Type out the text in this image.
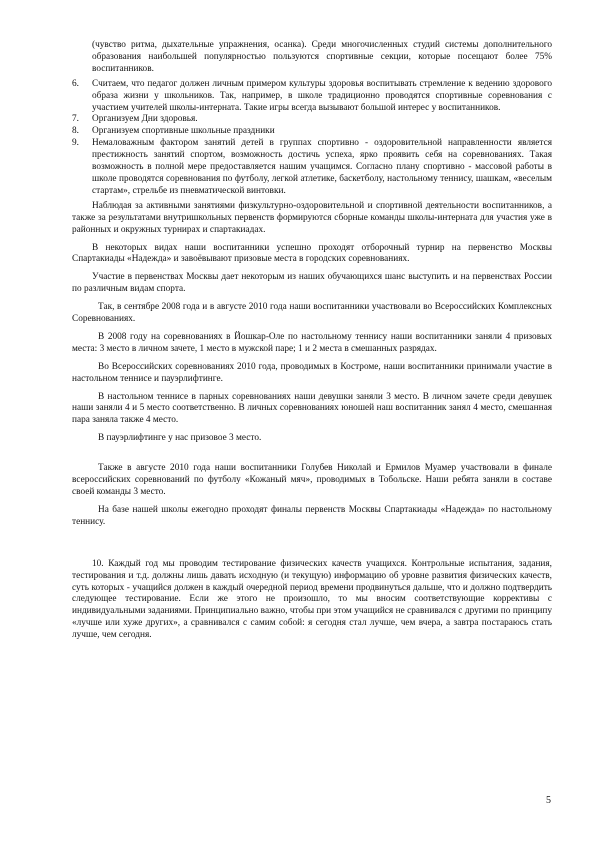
(чувство ритма, дыхательные упражнения, осанка). Среди многочисленных студий системы дополнительного образования наибольшей популярностью пользуются спортивные секции, которые посещают более 75% воспитанников.

6.	Считаем, что педагог должен личным примером культуры здоровья воспитывать стремление к ведению здорового образа жизни у школьников. Так, например, в школе традиционно проводятся спортивные соревнования с участием учителей школы-интерната. Такие игры всегда вызывают большой интерес у воспитанников.
7.	Организуем Дни здоровья.
8.	Организуем спортивные школьные праздники
9.	Немаловажным фактором занятий детей в группах спортивно - оздоровительной направленности является престижность занятий спортом, возможность достичь успеха, ярко проявить себя на соревнованиях. Такая возможность в полной мере предоставляется нашим учащимся. Согласно плану спортивно - массовой работы в школе проводятся соревнования по футболу, легкой атлетике, баскетболу, настольному теннису, шашкам, «веселым стартам», стрельбе из пневматической винтовки.

Наблюдая за активными занятиями физкультурно-оздоровительной и спортивной деятельности воспитанников, а также за результатами внутришкольных первенств формируются сборные команды школы-интерната для участия уже в районных и окружных турнирах и спартакиадах.

В некоторых видах наши воспитанники успешно проходят отборочный турнир на первенство Москвы Спартакиады «Надежда» и завоёвывают призовые места в городских соревнованиях.

Участие в первенствах Москвы дает некоторым из наших обучающихся шанс выступить и на первенствах России по различным видам спорта.

Так, в сентябре 2008 года и в августе 2010 года наши воспитанники участвовали во Всероссийских Комплексных Соревнованиях.

В 2008 году на соревнованиях в Йошкар-Оле по настольному теннису наши воспитанники заняли 4 призовых места: 3 место в личном зачете, 1 место в мужской паре; 1 и 2 места в смешанных разрядах.

Во Всероссийских соревнованиях 2010 года, проводимых в Костроме, наши воспитанники принимали участие в настольном теннисе и пауэрлифтинге.

В настольном теннисе в парных соревнованиях наши девушки заняли 3 место. В личном зачете среди девушек наши заняли 4 и 5 место соответственно. В личных соревнованиях юношей наш воспитанник занял 4 место, смешанная пара заняла также 4 место.

В пауэрлифтинге у нас призовое 3 место.

Также в августе 2010 года наши воспитанники Голубев Николай и Ермилов Муамер участвовали в финале всероссийских соревнований по футболу «Кожаный мяч», проводимых в Тобольске. Наши ребята заняли в составе своей команды 3 место.

На базе нашей школы ежегодно проходят финалы первенств Москвы Спартакиады «Надежда» по настольному теннису.

10. Каждый год мы проводим тестирование физических качеств учащихся. Контрольные испытания, задания, тестирования и т.д. должны лишь давать исходную (и текущую) информацию об уровне развития физических качеств, суть которых - учащийся должен в каждый очередной период времени продвинуться дальше, что и должно подтвердить следующее тестирование. Если же этого не произошло, то мы вносим соответствующие коррективы с индивидуальными заданиями. Принципиально важно, чтобы при этом учащийся не сравнивался с другими по принципу «лучше или хуже других», а сравнивался с самим собой: я сегодня стал лучше, чем вчера, а завтра постараюсь стать лучше, чем сегодня.

5
